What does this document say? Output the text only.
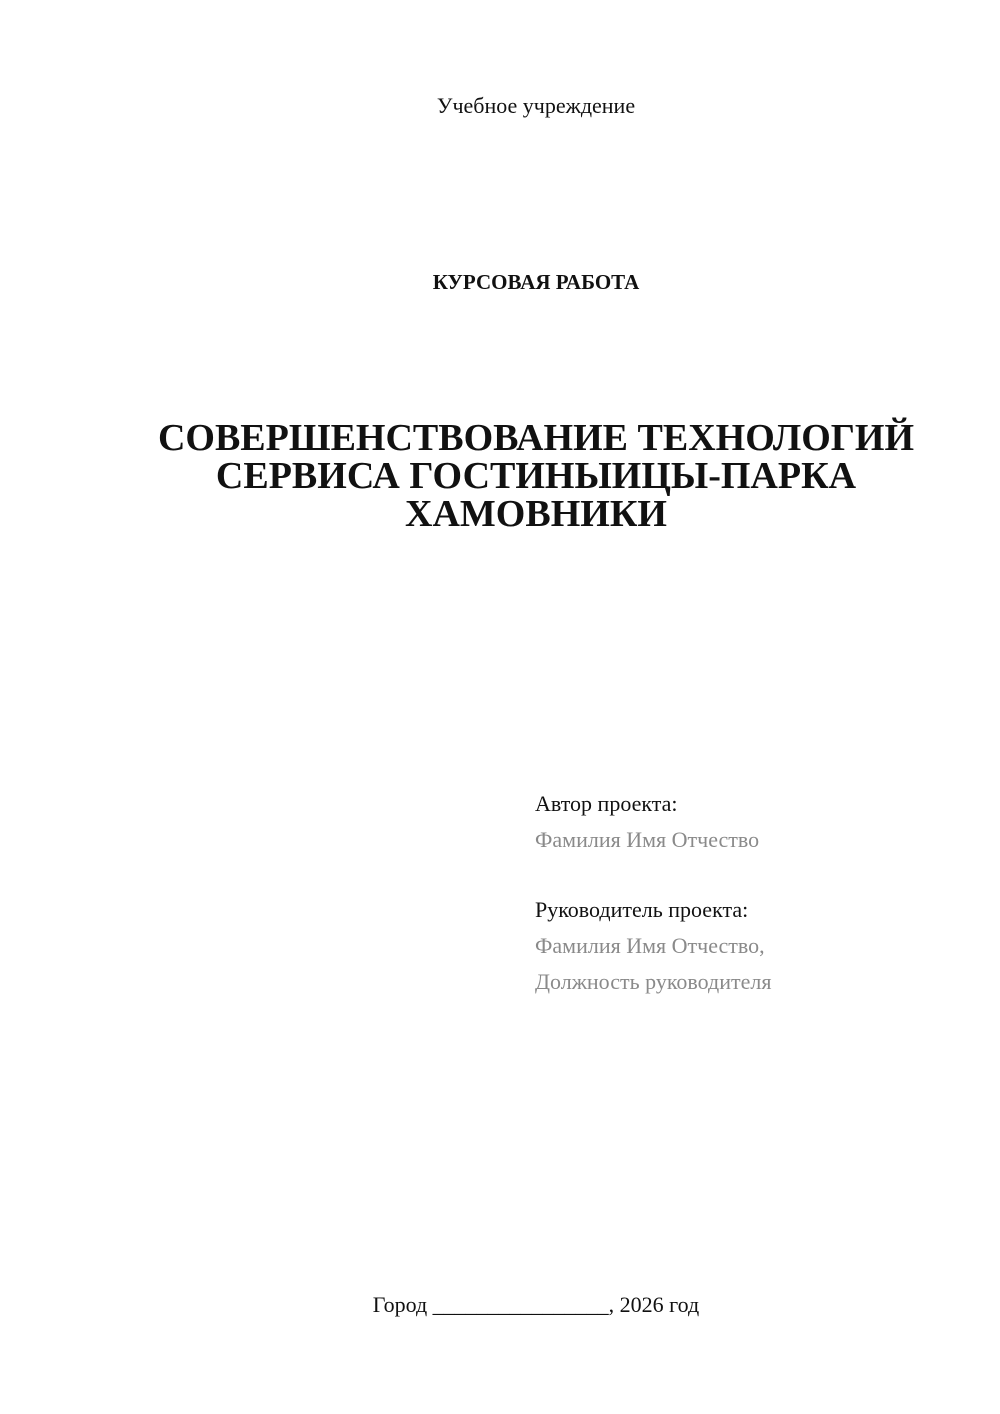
Учебное учреждение
КУРСОВАЯ РАБОТА
СОВЕРШЕНСТВОВАНИЕ ТЕХНОЛОГИЙ
СЕРВИСА ГОСТИНЫИЦЫ-ПАРКА
ХАМОВНИКИ
Автор проекта:
Фамилия Имя Отчество
Руководитель проекта:
Фамилия Имя Отчество,
Должность руководителя
Город ________________, 2026 год
